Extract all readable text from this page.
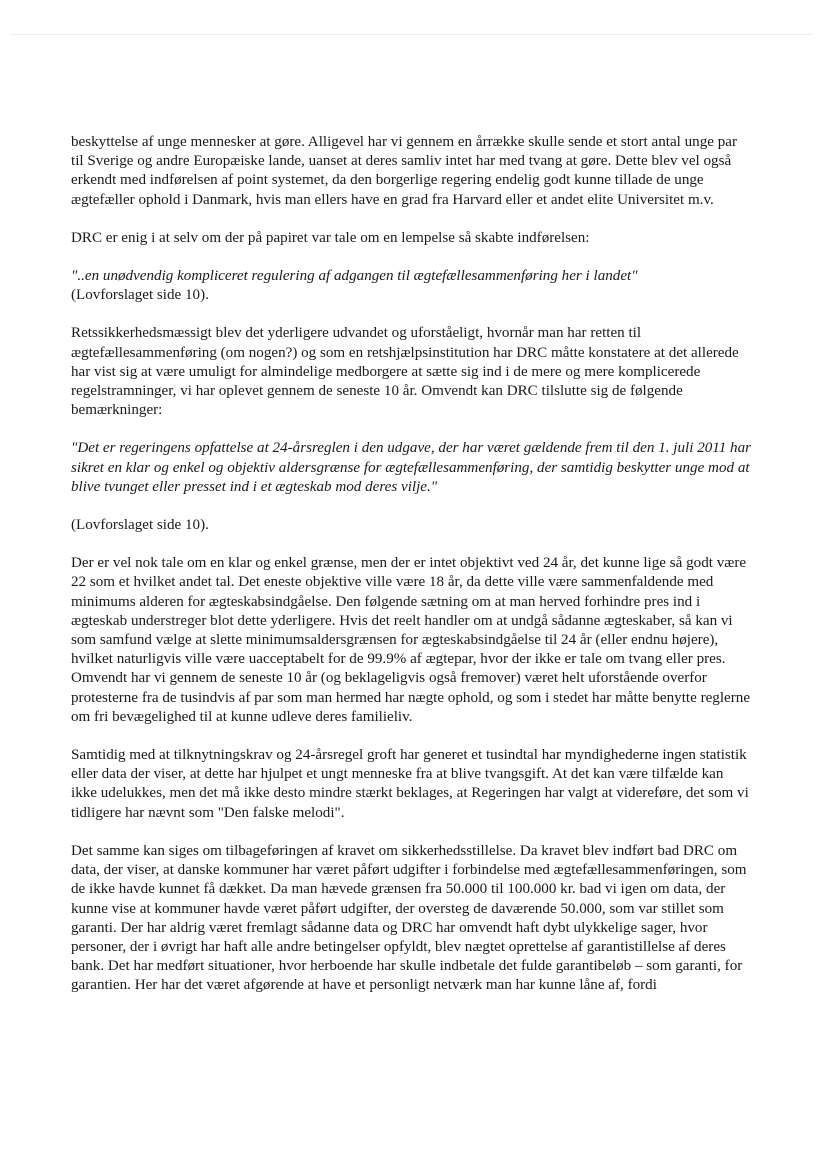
beskyttelse af unge mennesker at gøre. Alligevel har vi gennem en årrække skulle sende et stort antal unge par til Sverige og andre Europæiske lande, uanset at deres samliv intet har med tvang at gøre. Dette blev vel også erkendt med indførelsen af point systemet, da den borgerlige regering endelig godt kunne tillade de unge ægtefæller ophold i Danmark, hvis man ellers have en grad fra Harvard eller et andet elite Universitet m.v.

DRC er enig i at selv om der på papiret var tale om en lempelse så skabte indførelsen:

"..en unødvendig kompliceret regulering af adgangen til ægtefællesammenføring her i landet"
(Lovforslaget side 10).

Retssikkerhedsmæssigt blev det yderligere udvandet og uforståeligt, hvornår man har retten til ægtefællesammenføring (om nogen?) og som en retshjælpsinstitution har DRC måtte konstatere at det allerede har vist sig at være umuligt for almindelige medborgere at sætte sig ind i de mere og mere komplicerede regelstramninger, vi har oplevet gennem de seneste 10 år. Omvendt kan DRC tilslutte sig de følgende bemærkninger:

"Det er regeringens opfattelse at 24-årsreglen i den udgave, der har været gældende frem til den 1. juli 2011 har sikret en klar og enkel og objektiv aldersgrænse for ægtefællesammenføring, der samtidig beskytter unge mod at blive tvunget eller presset ind i et ægteskab mod deres vilje."

(Lovforslaget side 10).

Der er vel nok tale om en klar og enkel grænse, men der er intet objektivt ved 24 år, det kunne lige så godt være 22 som et hvilket andet tal. Det eneste objektive ville være 18 år, da dette ville være sammenfaldende med minimums alderen for ægteskabsindgåelse. Den følgende sætning om at man herved forhindre pres ind i ægteskab understreger blot dette yderligere. Hvis det reelt handler om at undgå sådanne ægteskaber, så kan vi som samfund vælge at slette minimumsaldersgrænsen for ægteskabsindgåelse til 24 år (eller endnu højere), hvilket naturligvis ville være uacceptabelt for de 99.9% af ægtepar, hvor der ikke er tale om tvang eller pres. Omvendt har vi gennem de seneste 10 år (og beklageligvis også fremover) været helt uforstående overfor protesterne fra de tusindvis af par som man hermed har nægte ophold, og som i stedet har måtte benytte reglerne om fri bevægelighed til at kunne udleve deres familieliv.

Samtidig med at tilknytningskrav og 24-årsregel groft har generet et tusindtal har myndighederne ingen statistik eller data der viser, at dette har hjulpet et ungt menneske fra at blive tvangsgift. At det kan være tilfælde kan ikke udelukkes, men det må ikke desto mindre stærkt beklages, at Regeringen har valgt at videreføre, det som vi tidligere har nævnt som "Den falske melodi".

Det samme kan siges om tilbageføringen af kravet om sikkerhedsstillelse. Da kravet blev indført bad DRC om data, der viser, at danske kommuner har været påført udgifter i forbindelse med ægtefællesammenføringen, som de ikke havde kunnet få dækket. Da man hævede grænsen fra 50.000 til 100.000 kr. bad vi igen om data, der kunne vise at kommuner havde været påført udgifter, der oversteg de daværende 50.000, som var stillet som garanti. Der har aldrig været fremlagt sådanne data og DRC har omvendt haft dybt ulykkelige sager, hvor personer, der i øvrigt har haft alle andre betingelser opfyldt, blev nægtet oprettelse af garantistillelse af deres bank. Det har medført situationer, hvor herboende har skulle indbetale det fulde garantibeløb – som garanti, for garantien. Her har det været afgørende at have et personligt netværk man har kunne låne af, fordi
